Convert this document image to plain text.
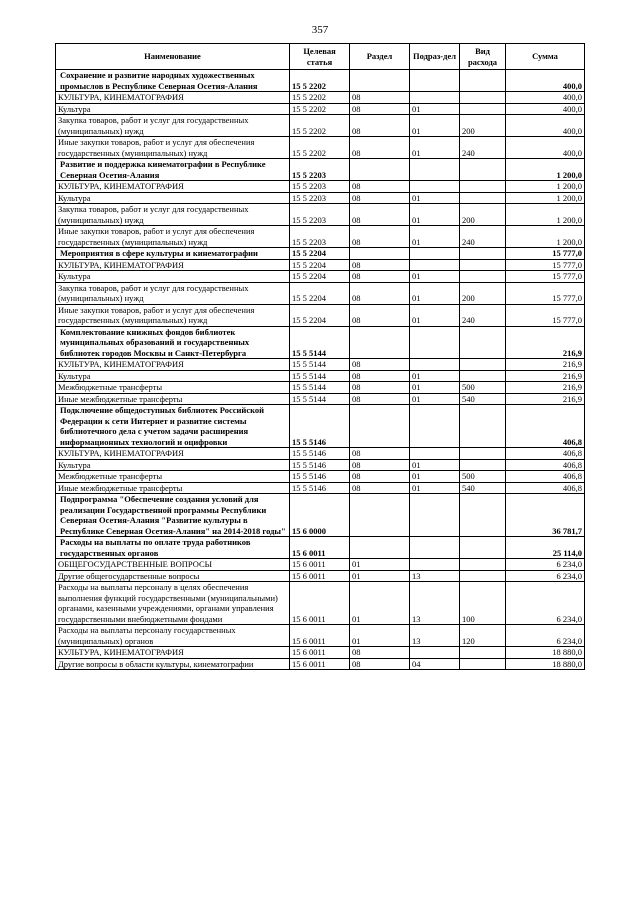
357
Наименование	Целевая статья	Раздел	Подраз-дел	Вид расхода	Сумма
Сохранение и развитие народных художественных промыслов в Республике Северная Осетия-Алания	15 5 2202				400,0
КУЛЬТУРА, КИНЕМАТОГРАФИЯ	15 5 2202	08			400,0
Культура	15 5 2202	08	01		400,0
Закупка товаров, работ и услуг для государственных (муниципальных) нужд	15 5 2202	08	01	200	400,0
Иные закупки товаров, работ и услуг для обеспечения государственных (муниципальных) нужд	15 5 2202	08	01	240	400,0
Развитие и поддержка кинематографии в Республике Северная Осетия-Алания	15 5 2203				1 200,0
КУЛЬТУРА, КИНЕМАТОГРАФИЯ	15 5 2203	08			1 200,0
Культура	15 5 2203	08	01		1 200,0
Закупка товаров, работ и услуг для государственных (муниципальных) нужд	15 5 2203	08	01	200	1 200,0
Иные закупки товаров, работ и услуг для обеспечения государственных (муниципальных) нужд	15 5 2203	08	01	240	1 200,0
Мероприятия в сфере культуры и кинематографии	15 5 2204				15 777,0
КУЛЬТУРА, КИНЕМАТОГРАФИЯ	15 5 2204	08			15 777,0
Культура	15 5 2204	08	01		15 777,0
Закупка товаров, работ и услуг для государственных (муниципальных) нужд	15 5 2204	08	01	200	15 777,0
Иные закупки товаров, работ и услуг для обеспечения государственных (муниципальных) нужд	15 5 2204	08	01	240	15 777,0
Комплектование книжных фондов библиотек муниципальных образований и государственных библиотек городов Москвы и Санкт-Петербурга	15 5 5144				216,9
КУЛЬТУРА, КИНЕМАТОГРАФИЯ	15 5 5144	08			216,9
Культура	15 5 5144	08	01		216,9
Межбюджетные трансферты	15 5 5144	08	01	500	216,9
Иные межбюджетные трансферты	15 5 5144	08	01	540	216,9
Подключение общедоступных библиотек Российской Федерации к сети Интернет и развитие системы библиотечного дела с учетом задачи расширения информационных технологий и оцифровки	15 5 5146				406,8
КУЛЬТУРА, КИНЕМАТОГРАФИЯ	15 5 5146	08			406,8
Культура	15 5 5146	08	01		406,8
Межбюджетные трансферты	15 5 5146	08	01	500	406,8
Иные межбюджетные трансферты	15 5 5146	08	01	540	406,8
Подпрограмма "Обеспечение создания условий для реализации Государственной программы Республики Северная Осетия-Алания "Развитие культуры в Республике Северная Осетия-Алания" на 2014-2018 годы"	15 6 0000				36 781,7
Расходы на выплаты по оплате труда работников государственных органов	15 6 0011				25 114,0
ОБЩЕГОСУДАРСТВЕННЫЕ ВОПРОСЫ	15 6 0011	01			6 234,0
Другие общегосударственные вопросы	15 6 0011	01	13		6 234,0
Расходы на выплаты персоналу в целях обеспечения выполнения функций государственными (муниципальными) органами, казенными учреждениями, органами управления государственными внебюджетными фондами	15 6 0011	01	13	100	6 234,0
Расходы на выплаты персоналу государственных (муниципальных) органов	15 6 0011	01	13	120	6 234,0
КУЛЬТУРА, КИНЕМАТОГРАФИЯ	15 6 0011	08			18 880,0
Другие вопросы в области культуры, кинематографии	15 6 0011	08	04		18 880,0
